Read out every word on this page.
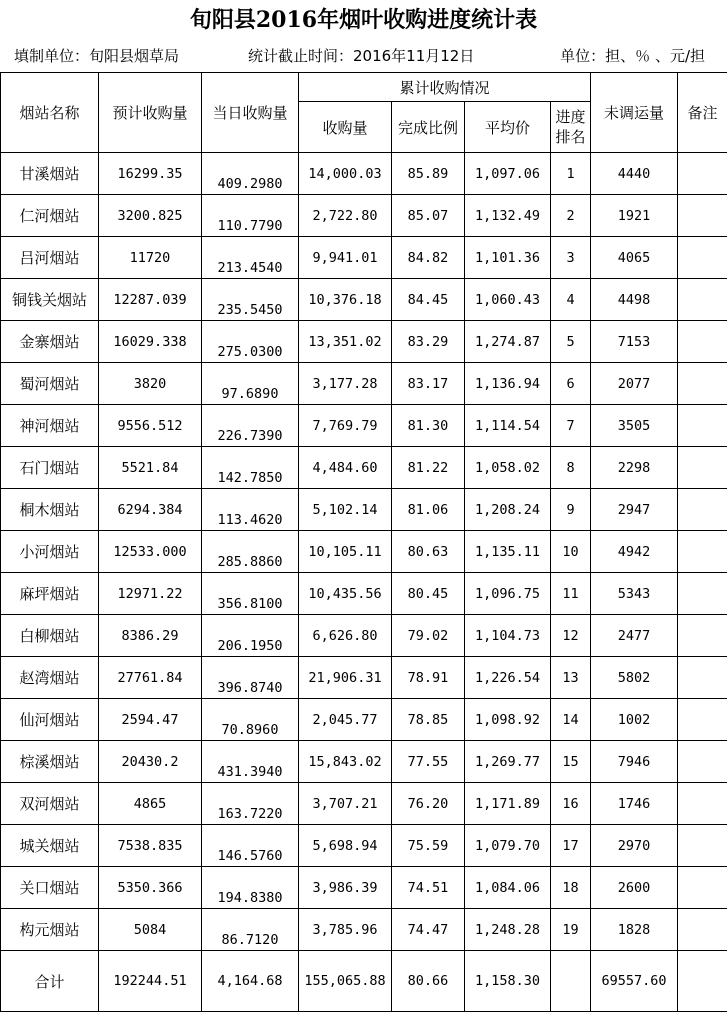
旬阳县2016年烟叶收购进度统计表
填制单位：旬阳县烟草局	统计截止时间：2016年11月12日	单位：担、％ 、元/担
烟站名称	预计收购量	当日收购量	累计收购情况				未调运量	备注
			收购量	完成比例	平均价	进度排名		
甘溪烟站	16299.35	409.2980	14,000.03	85.89	1,097.06	1	4440	
仁河烟站	3200.825	110.7790	2,722.80	85.07	1,132.49	2	1921	
吕河烟站	11720	213.4540	9,941.01	84.82	1,101.36	3	4065	
铜钱关烟站	12287.039	235.5450	10,376.18	84.45	1,060.43	4	4498	
金寨烟站	16029.338	275.0300	13,351.02	83.29	1,274.87	5	7153	
蜀河烟站	3820	97.6890	3,177.28	83.17	1,136.94	6	2077	
神河烟站	9556.512	226.7390	7,769.79	81.30	1,114.54	7	3505	
石门烟站	5521.84	142.7850	4,484.60	81.22	1,058.02	8	2298	
桐木烟站	6294.384	113.4620	5,102.14	81.06	1,208.24	9	2947	
小河烟站	12533.000	285.8860	10,105.11	80.63	1,135.11	10	4942	
麻坪烟站	12971.22	356.8100	10,435.56	80.45	1,096.75	11	5343	
白柳烟站	8386.29	206.1950	6,626.80	79.02	1,104.73	12	2477	
赵湾烟站	27761.84	396.8740	21,906.31	78.91	1,226.54	13	5802	
仙河烟站	2594.47	70.8960	2,045.77	78.85	1,098.92	14	1002	
棕溪烟站	20430.2	431.3940	15,843.02	77.55	1,269.77	15	7946	
双河烟站	4865	163.7220	3,707.21	76.20	1,171.89	16	1746	
城关烟站	7538.835	146.5760	5,698.94	75.59	1,079.70	17	2970	
关口烟站	5350.366	194.8380	3,986.39	74.51	1,084.06	18	2600	
构元烟站	5084	86.7120	3,785.96	74.47	1,248.28	19	1828	
合计	192244.51	4,164.68	155,065.88	80.66	1,158.30		69557.60	
